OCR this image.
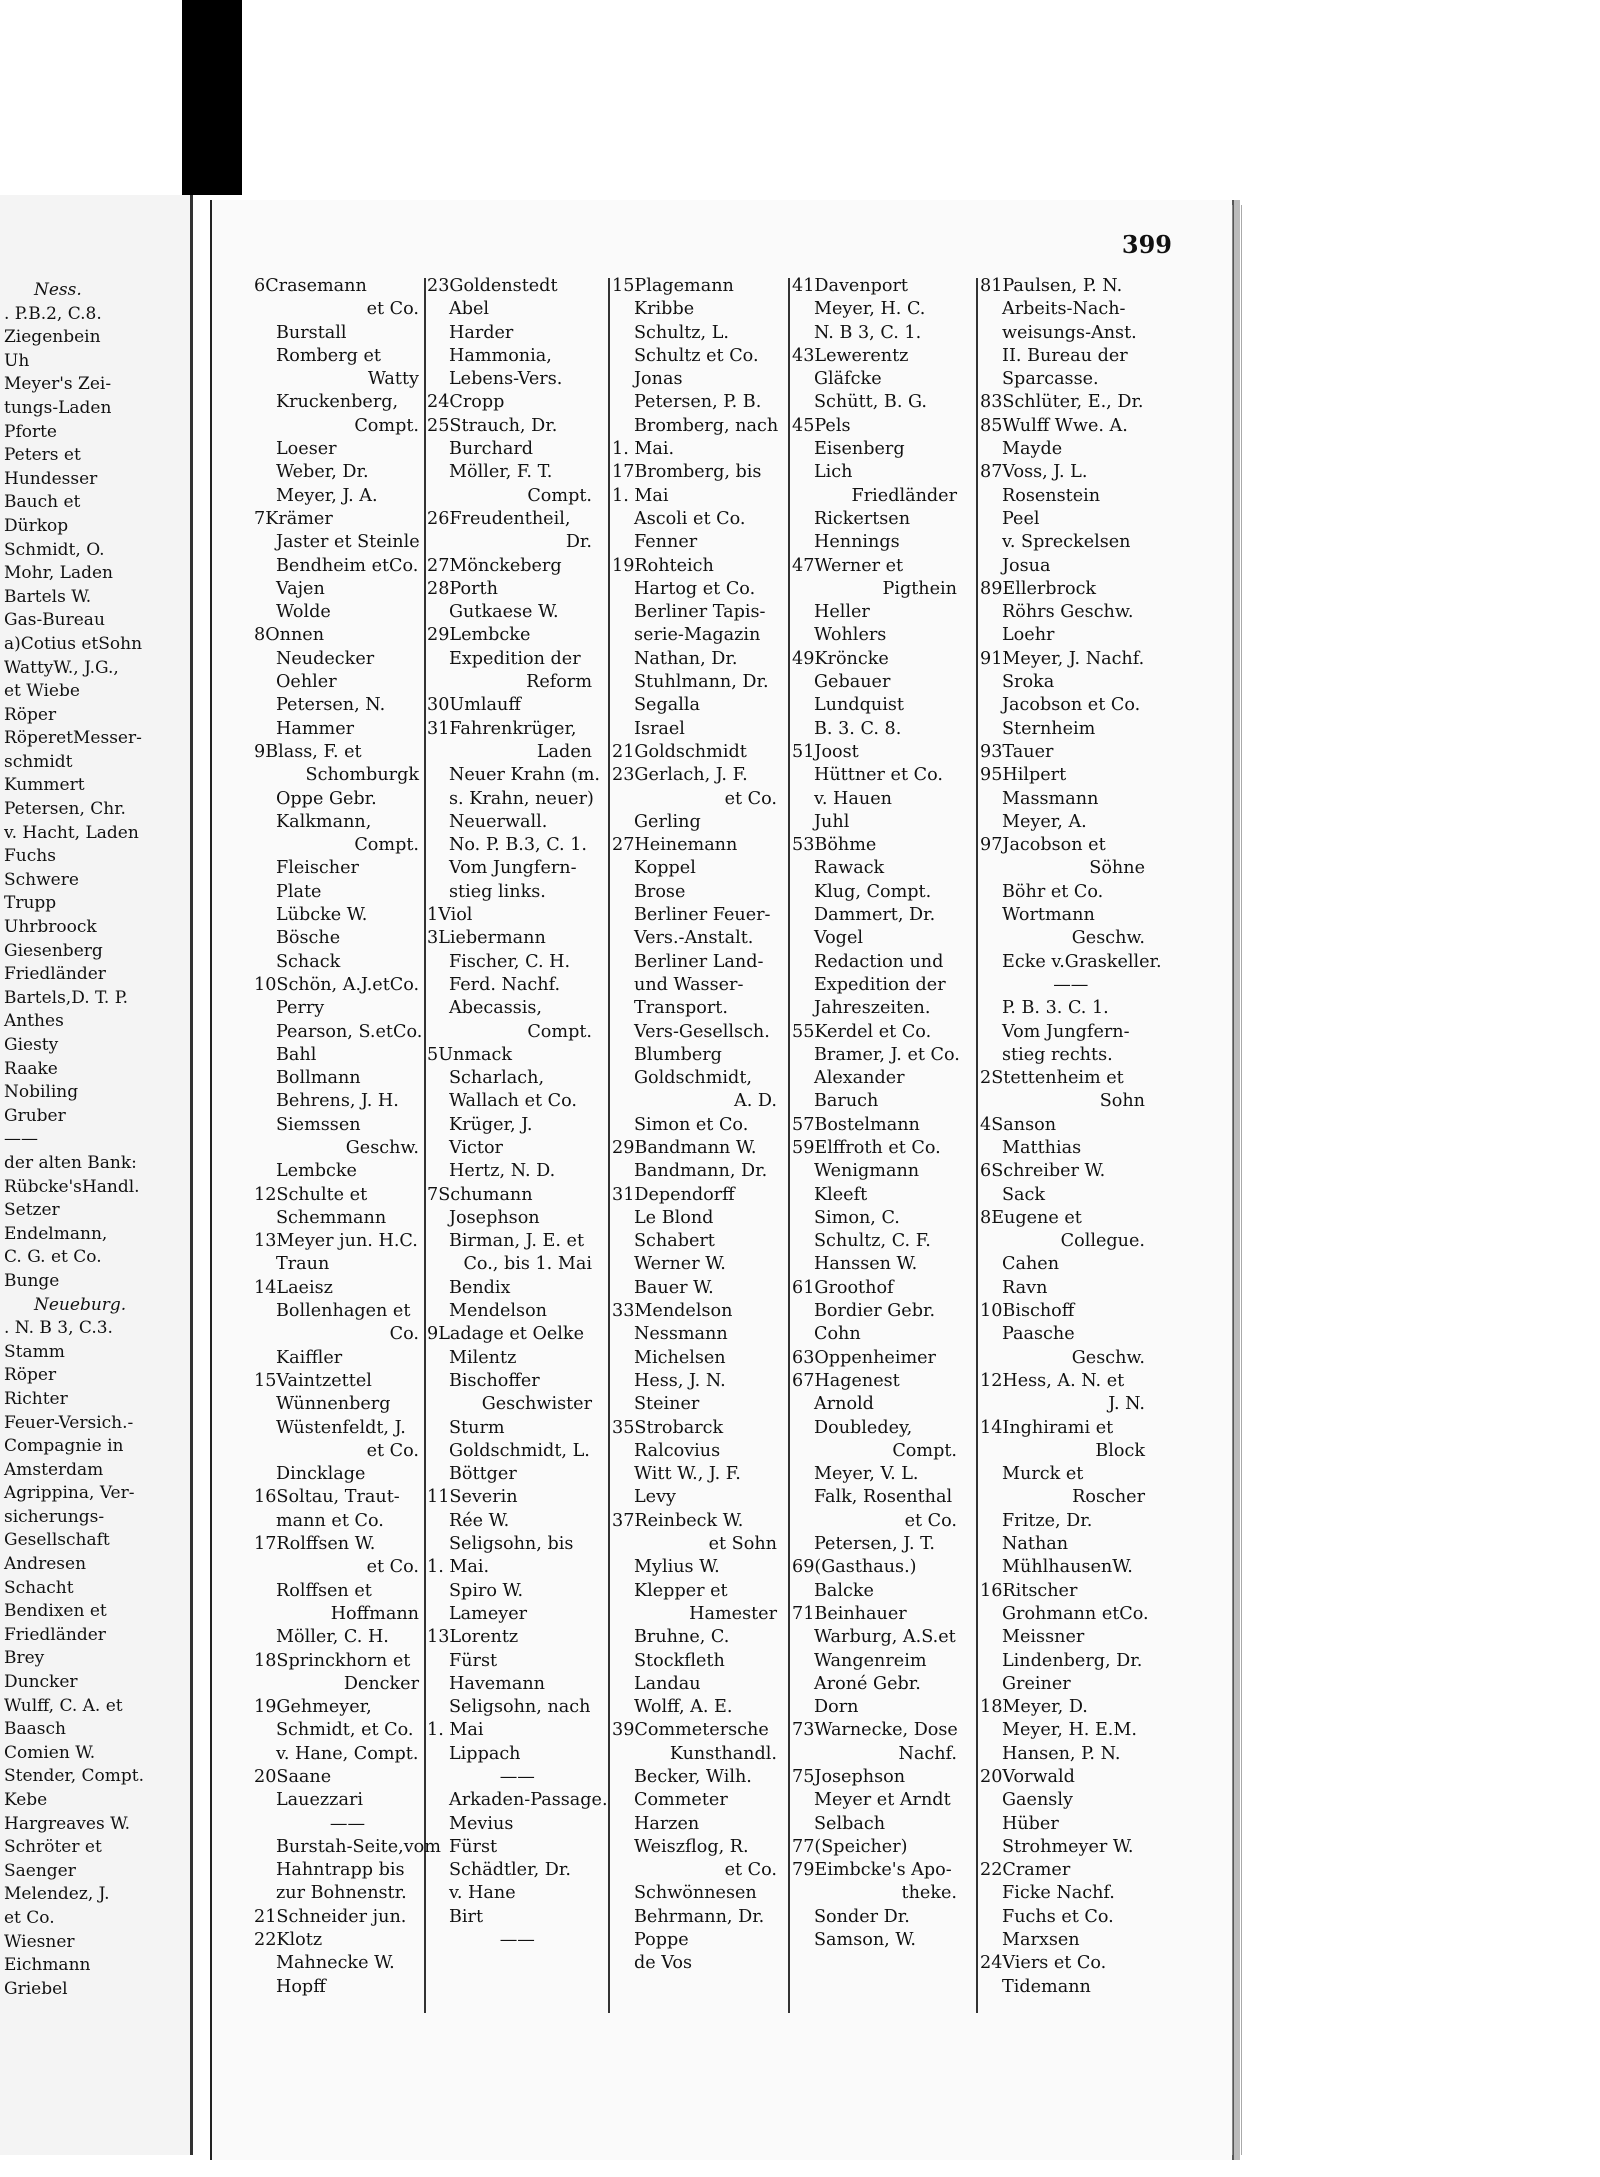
Ness.
. P.B.2, C.8.
Ziegenbein
Uh
Meyer's Zei-
tungs-Laden
Pforte
Peters et
Hundesser
Bauch et
Dürkop
Schmidt, O.
Mohr, Laden
Bartels W.
Gas-Bureau
a)Cotius etSohn
WattyW., J.G.,
et Wiebe
Röper
RöperetMesser-
schmidt
Kummert
Petersen, Chr.
v. Hacht, Laden
Fuchs
Schwere
Trupp
Uhrbroock
Giesenberg
Friedländer
Bartels,D. T. P.
Anthes
Giesty
Raake
Nobiling
Gruber
——
der alten Bank:
Rübcke'sHandl.
Setzer
Endelmann,
C. G. et Co.
Bunge
Neueburg.
. N. B 3, C.3.
Stamm
Röper
Richter
Feuer-Versich.-
Compagnie in
Amsterdam
Agrippina, Ver-
sicherungs-
Gesellschaft
Andresen
Schacht
Bendixen et
Friedländer
Brey
Duncker
Wulff, C. A. et
Baasch
Comien W.
Stender, Compt.
Kebe
Hargreaves W.
Schröter et
Saenger
Melendez, J.
et Co.
Wiesner
Eichmann
Griebel
399
6Crasemann
et Co.
Burstall
Romberg et
Watty
Kruckenberg,
Compt.
Loeser
Weber, Dr.
Meyer, J. A.
7Krämer
Jaster et Steinle
Bendheim etCo.
Vajen
Wolde
8Onnen
Neudecker
Oehler
Petersen, N.
Hammer
9Blass, F. et
Schomburgk
Oppe Gebr.
Kalkmann,
Compt.
Fleischer
Plate
Lübcke W.
Bösche
Schack
10Schön, A.J.etCo.
Perry
Pearson, S.etCo.
Bahl
Bollmann
Behrens, J. H.
Siemssen
Geschw.
Lembcke
12Schulte et
Schemmann
13Meyer jun. H.C.
Traun
14Laeisz
Bollenhagen et
Co.
Kaiffler
15Vaintzettel
Wünnenberg
Wüstenfeldt, J.
et Co.
Dincklage
16Soltau, Traut-
mann et Co.
17Rolffsen W.
et Co.
Rolffsen et
Hoffmann
Möller, C. H.
18Sprinckhorn et
Dencker
19Gehmeyer,
Schmidt, et Co.
v. Hane, Compt.
20Saane
Lauezzari
——
Burstah-Seite,vom
Hahntrapp bis
zur Bohnenstr.
21Schneider jun.
22Klotz
Mahnecke W.
Hopff
23Goldenstedt
Abel
Harder
Hammonia,
Lebens-Vers.
24Cropp
25Strauch, Dr.
Burchard
Möller, F. T.
Compt.
26Freudentheil,
Dr.
27Mönckeberg
28Porth
Gutkaese W.
29Lembcke
Expedition der
Reform
30Umlauff
31Fahrenkrüger,
Laden
Neuer Krahn (m.
s. Krahn, neuer)
Neuerwall.
No. P. B.3, C. 1.
Vom Jungfern-
stieg links.
1Viol
3Liebermann
Fischer, C. H.
Ferd. Nachf.
Abecassis,
Compt.
5Unmack
Scharlach,
Wallach et Co.
Krüger, J.
Victor
Hertz, N. D.
7Schumann
Josephson
Birman, J. E. et
Co., bis 1. Mai
Bendix
Mendelson
9Ladage et Oelke
Milentz
Bischoffer
Geschwister
Sturm
Goldschmidt, L.
Böttger
11Severin
Rée W.
Seligsohn, bis
1. Mai.
Spiro W.
Lameyer
13Lorentz
Fürst
Havemann
Seligsohn, nach
1. Mai
Lippach
——
Arkaden-Passage.
Mevius
Fürst
Schädtler, Dr.
v. Hane
Birt
——
15Plagemann
Kribbe
Schultz, L.
Schultz et Co.
Jonas
Petersen, P. B.
Bromberg, nach
1. Mai.
17Bromberg, bis
1. Mai
Ascoli et Co.
Fenner
19Rohteich
Hartog et Co.
Berliner Tapis-
serie-Magazin
Nathan, Dr.
Stuhlmann, Dr.
Segalla
Israel
21Goldschmidt
23Gerlach, J. F.
et Co.
Gerling
27Heinemann
Koppel
Brose
Berliner Feuer-
Vers.-Anstalt.
Berliner Land-
und Wasser-
Transport.
Vers-Gesellsch.
Blumberg
Goldschmidt,
A. D.
Simon et Co.
29Bandmann W.
Bandmann, Dr.
31Dependorff
Le Blond
Schabert
Werner W.
Bauer W.
33Mendelson
Nessmann
Michelsen
Hess, J. N.
Steiner
35Strobarck
Ralcovius
Witt W., J. F.
Levy
37Reinbeck W.
et Sohn
Mylius W.
Klepper et
Hamester
Bruhne, C.
Stockfleth
Landau
Wolff, A. E.
39Commetersche
Kunsthandl.
Becker, Wilh.
Commeter
Harzen
Weiszflog, R.
et Co.
Schwönnesen
Behrmann, Dr.
Poppe
de Vos
41Davenport
Meyer, H. C.
N. B 3, C. 1.
43Lewerentz
Gläfcke
Schütt, B. G.
45Pels
Eisenberg
Lich
Friedländer
Rickertsen
Hennings
47Werner et
Pigthein
Heller
Wohlers
49Kröncke
Gebauer
Lundquist
B. 3. C. 8.
51Joost
Hüttner et Co.
v. Hauen
Juhl
53Böhme
Rawack
Klug, Compt.
Dammert, Dr.
Vogel
Redaction und
Expedition der
Jahreszeiten.
55Kerdel et Co.
Bramer, J. et Co.
Alexander
Baruch
57Bostelmann
59Elffroth et Co.
Wenigmann
Kleeft
Simon, C.
Schultz, C. F.
Hanssen W.
61Groothof
Bordier Gebr.
Cohn
63Oppenheimer
67Hagenest
Arnold
Doubledey,
Compt.
Meyer, V. L.
Falk, Rosenthal
et Co.
Petersen, J. T.
69(Gasthaus.)
Balcke
71Beinhauer
Warburg, A.S.et
Wangenreim
Aroné Gebr.
Dorn
73Warnecke, Dose
Nachf.
75Josephson
Meyer et Arndt
Selbach
77(Speicher)
79Eimbcke's Apo-
theke.
Sonder Dr.
Samson, W.
81Paulsen, P. N.
Arbeits-Nach-
weisungs-Anst.
II. Bureau der
Sparcasse.
83Schlüter, E., Dr.
85Wulff Wwe. A.
Mayde
87Voss, J. L.
Rosenstein
Peel
v. Spreckelsen
Josua
89Ellerbrock
Röhrs Geschw.
Loehr
91Meyer, J. Nachf.
Sroka
Jacobson et Co.
Sternheim
93Tauer
95Hilpert
Massmann
Meyer, A.
97Jacobson et
Söhne
Böhr et Co.
Wortmann
Geschw.
Ecke v.Graskeller.
——
P. B. 3. C. 1.
Vom Jungfern-
stieg rechts.
2Stettenheim et
Sohn
4Sanson
Matthias
6Schreiber W.
Sack
8Eugene et
Collegue.
Cahen
Ravn
10Bischoff
Paasche
Geschw.
12Hess, A. N. et
J. N.
14Inghirami et
Block
Murck et
Roscher
Fritze, Dr.
Nathan
MühlhausenW.
16Ritscher
Grohmann etCo.
Meissner
Lindenberg, Dr.
Greiner
18Meyer, D.
Meyer, H. E.M.
Hansen, P. N.
20Vorwald
Gaensly
Hüber
Strohmeyer W.
22Cramer
Ficke Nachf.
Fuchs et Co.
Marxsen
24Viers et Co.
Tidemann
